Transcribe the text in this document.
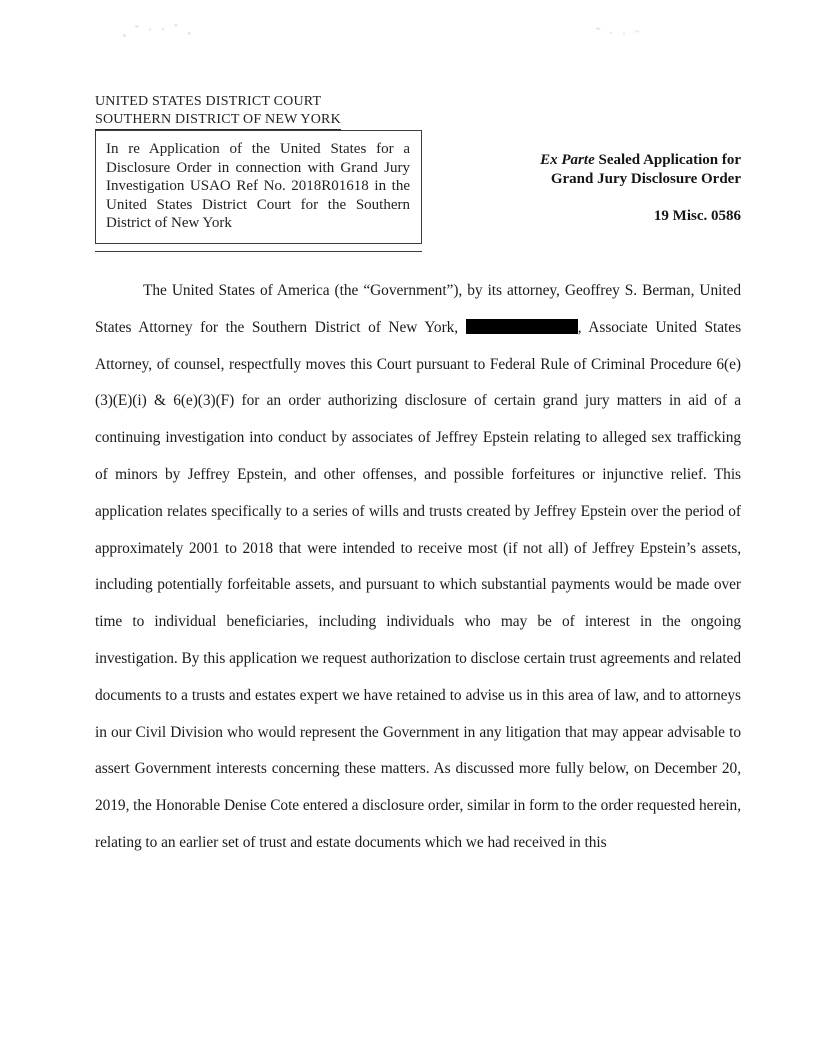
¸ ˘ · · ˘ ¸	˜ · · ¨
UNITED STATES DISTRICT COURT
SOUTHERN DISTRICT OF NEW YORK
In re Application of the United States for a Disclosure Order in connection with Grand Jury Investigation USAO Ref No. 2018R01618 in the United States District Court for the Southern District of New York
Ex Parte Sealed Application for
Grand Jury Disclosure Order
19 Misc. 0586

The United States of America (the “Government”), by its attorney, Geoffrey S. Berman, United States Attorney for the Southern District of New York,	, Associate United States Attorney, of counsel, respectfully moves this Court pursuant to Federal Rule of Criminal Procedure 6(e)(3)(E)(i) & 6(e)(3)(F) for an order authorizing disclosure of certain grand jury matters in aid of a continuing investigation into conduct by associates of Jeffrey Epstein relating to alleged sex trafficking of minors by Jeffrey Epstein, and other offenses, and possible forfeitures or injunctive relief. This application relates specifically to a series of wills and trusts created by Jeffrey Epstein over the period of approximately 2001 to 2018 that were intended to receive most (if not all) of Jeffrey Epstein’s assets, including potentially forfeitable assets, and pursuant to which substantial payments would be made over time to individual beneficiaries, including individuals who may be of interest in the ongoing investigation. By this application we request authorization to disclose certain trust agreements and related documents to a trusts and estates expert we have retained to advise us in this area of law, and to attorneys in our Civil Division who would represent the Government in any litigation that may appear advisable to assert Government interests concerning these matters. As discussed more fully below, on December 20, 2019, the Honorable Denise Cote entered a disclosure order, similar in form to the order requested herein, relating to an earlier set of trust and estate documents which we had received in this
